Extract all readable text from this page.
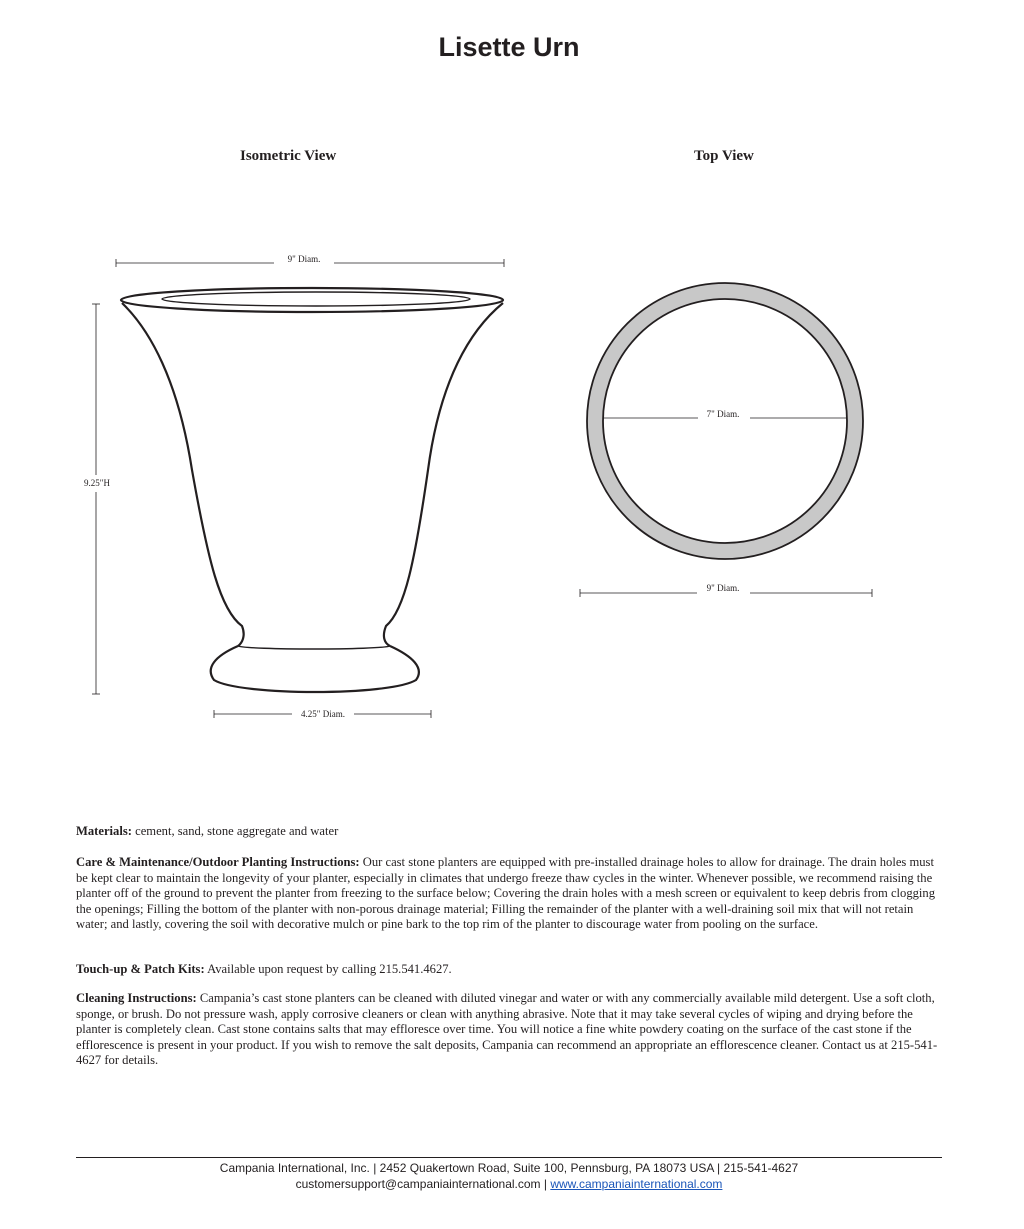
Lisette Urn
Isometric View	Top View
9" Diam.
9.25"H
4.25" Diam.
7" Diam.
9" Diam.

Materials: cement, sand, stone aggregate and water

Care & Maintenance/Outdoor Planting Instructions: Our cast stone planters are equipped with pre-installed drainage holes to allow for drainage. The drain holes must be kept clear to maintain the longevity of your planter, especially in climates that undergo freeze thaw cycles in the winter. Whenever possible, we recommend raising the planter off of the ground to prevent the planter from freezing to the surface below; Covering the drain holes with a mesh screen or equivalent to keep debris from clogging the openings; Filling the bottom of the planter with non-porous drainage material; Filling the remainder of the planter with a well-draining soil mix that will not retain water; and lastly, covering the soil with decorative mulch or pine bark to the top rim of the planter to discourage water from pooling on the surface.

Touch-up & Patch Kits: Available upon request by calling 215.541.4627.

Cleaning Instructions: Campania’s cast stone planters can be cleaned with diluted vinegar and water or with any commercially available mild detergent. Use a soft cloth, sponge, or brush. Do not pressure wash, apply corrosive cleaners or clean with anything abrasive. Note that it may take several cycles of wiping and drying before the planter is completely clean. Cast stone contains salts that may effloresce over time. You will notice a fine white powdery coating on the surface of the cast stone if the efflorescence is present in your product. If you wish to remove the salt deposits, Campania can recommend an appropriate an efflorescence cleaner. Contact us at 215-541-4627 for details.

Campania International, Inc. | 2452 Quakertown Road, Suite 100, Pennsburg, PA 18073 USA | 215-541-4627
customersupport@campaniainternational.com | www.campaniainternational.com
